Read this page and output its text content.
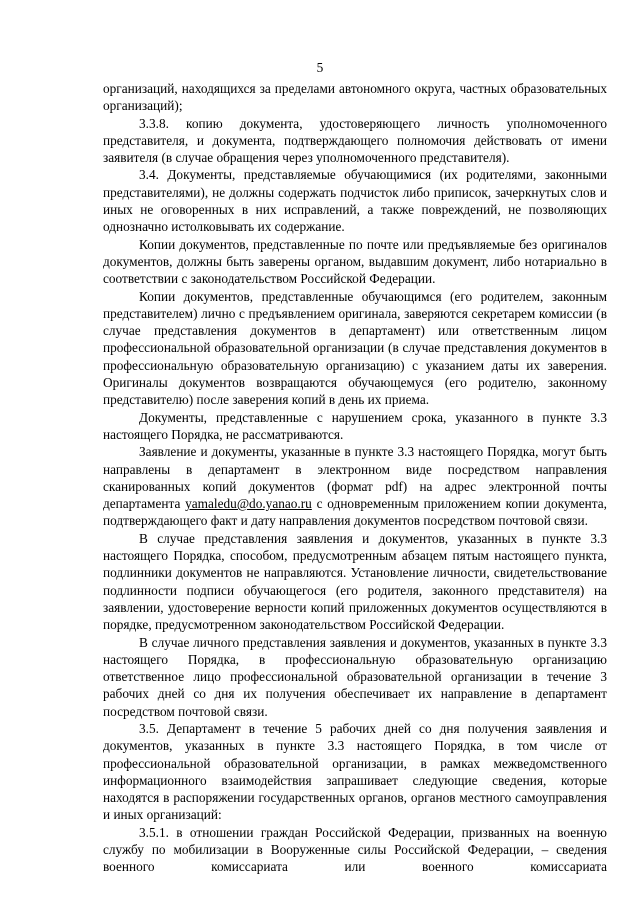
5

организаций, находящихся за пределами автономного округа, частных образовательных организаций);

3.3.8. копию документа, удостоверяющего личность уполномоченного представителя, и документа, подтверждающего полномочия действовать от имени заявителя (в случае обращения через уполномоченного представителя).

3.4. Документы, представляемые обучающимися (их родителями, законными представителями), не должны содержать подчисток либо приписок, зачеркнутых слов и иных не оговоренных в них исправлений, а также повреждений, не позволяющих однозначно истолковывать их содержание.

Копии документов, представленные по почте или предъявляемые без оригиналов документов, должны быть заверены органом, выдавшим документ, либо нотариально в соответствии с законодательством Российской Федерации.

Копии документов, представленные обучающимся (его родителем, законным представителем) лично с предъявлением оригинала, заверяются секретарем комиссии (в случае представления документов в департамент) или ответственным лицом профессиональной образовательной организации (в случае представления документов в профессиональную образовательную организацию) с указанием даты их заверения. Оригиналы документов возвращаются обучающемуся (его родителю, законному представителю) после заверения копий в день их приема.

Документы, представленные с нарушением срока, указанного в пункте 3.3 настоящего Порядка, не рассматриваются.

Заявление и документы, указанные в пункте 3.3 настоящего Порядка, могут быть направлены в департамент в электронном виде посредством направления сканированных копий документов (формат pdf) на адрес электронной почты департамента yamaledu@do.yanao.ru с одновременным приложением копии документа, подтверждающего факт и дату направления документов посредством почтовой связи.

В случае представления заявления и документов, указанных в пункте 3.3 настоящего Порядка, способом, предусмотренным абзацем пятым настоящего пункта, подлинники документов не направляются. Установление личности, свидетельствование подлинности подписи обучающегося (его родителя, законного представителя) на заявлении, удостоверение верности копий приложенных документов осуществляются в порядке, предусмотренном законодательством Российской Федерации.

В случае личного представления заявления и документов, указанных в пункте 3.3 настоящего Порядка, в профессиональную образовательную организацию ответственное лицо профессиональной образовательной организации в течение 3 рабочих дней со дня их получения обеспечивает их направление в департамент посредством почтовой связи.

3.5. Департамент в течение 5 рабочих дней со дня получения заявления и документов, указанных в пункте 3.3 настоящего Порядка, в том числе от профессиональной образовательной организации, в рамках межведомственного информационного взаимодействия запрашивает следующие сведения, которые находятся в распоряжении государственных органов, органов местного самоуправления и иных организаций:

3.5.1. в отношении граждан Российской Федерации, призванных на военную службу по мобилизации в Вооруженные силы Российской Федерации, – сведения военного комиссариата или военного комиссариата
